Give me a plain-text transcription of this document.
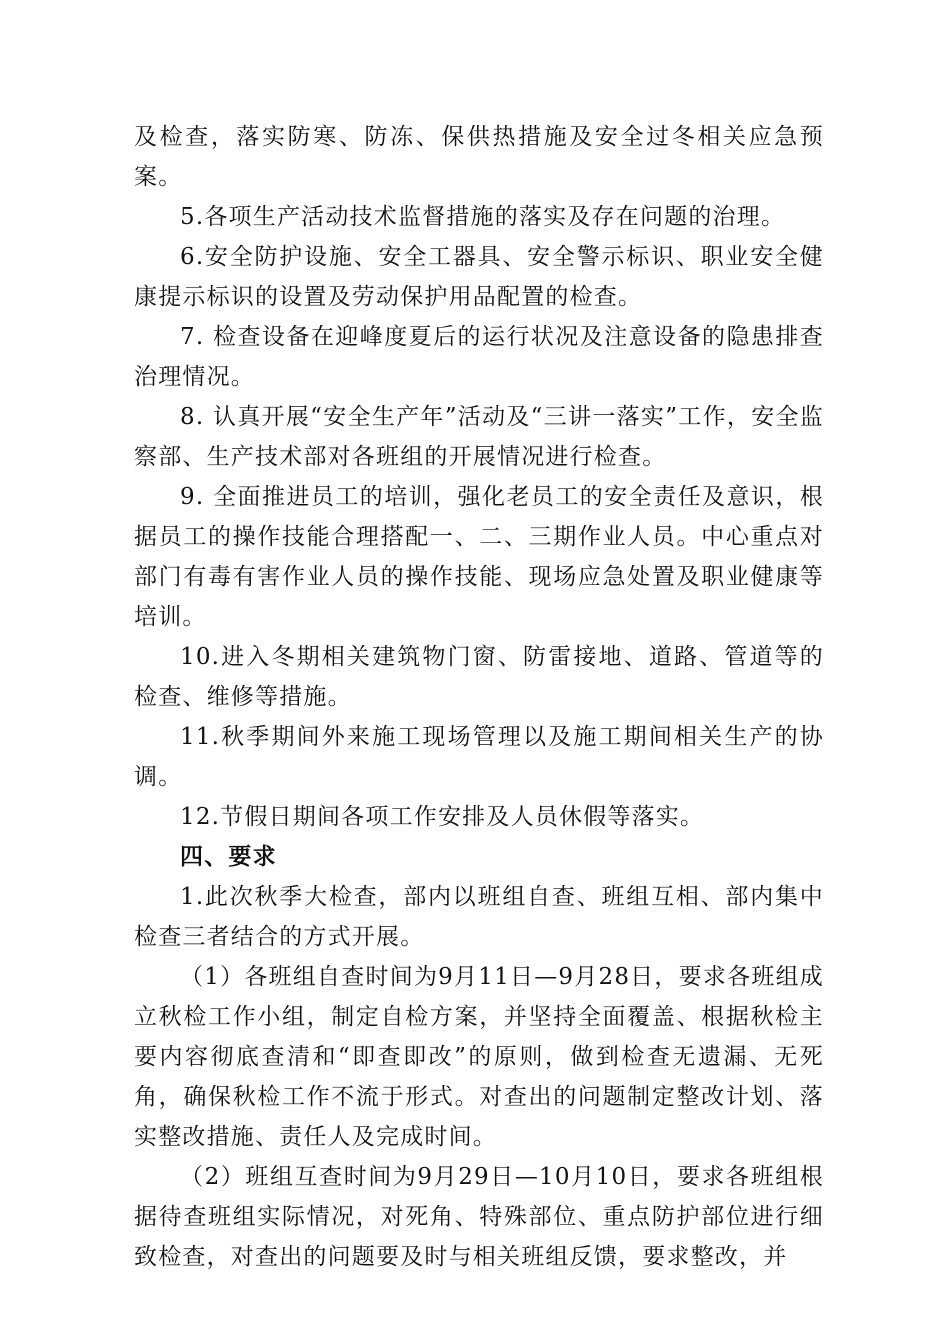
及检查，落实防寒、防冻、保供热措施及安全过冬相关应急预案。

5.各项生产活动技术监督措施的落实及存在问题的治理。

6.安全防护设施、安全工器具、安全警示标识、职业安全健康提示标识的设置及劳动保护用品配置的检查。

7. 检查设备在迎峰度夏后的运行状况及注意设备的隐患排查治理情况。

8. 认真开展“安全生产年”活动及“三讲一落实”工作，安全监察部、生产技术部对各班组的开展情况进行检查。

9. 全面推进员工的培训，强化老员工的安全责任及意识，根据员工的操作技能合理搭配一、二、三期作业人员。中心重点对部门有毒有害作业人员的操作技能、现场应急处置及职业健康等培训。

10.进入冬期相关建筑物门窗、防雷接地、道路、管道等的检查、维修等措施。

11.秋季期间外来施工现场管理以及施工期间相关生产的协调。

12.节假日期间各项工作安排及人员休假等落实。

四、要求

1.此次秋季大检查，部内以班组自查、班组互相、部内集中检查三者结合的方式开展。

（1）各班组自查时间为9月11日—9月28日，要求各班组成立秋检工作小组，制定自检方案，并坚持全面覆盖、根据秋检主要内容彻底查清和“即查即改”的原则，做到检查无遗漏、无死角，确保秋检工作不流于形式。对查出的问题制定整改计划、落实整改措施、责任人及完成时间。

（2）班组互查时间为9月29日—10月10日，要求各班组根据待查班组实际情况，对死角、特殊部位、重点防护部位进行细致检查，对查出的问题要及时与相关班组反馈，要求整改，并
